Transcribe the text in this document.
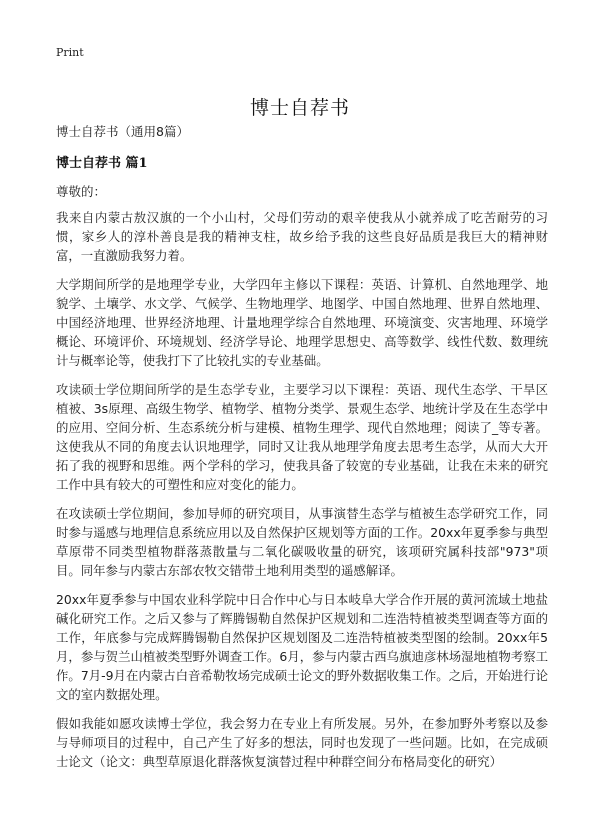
Print
博士自荐书
博士自荐书（通用8篇）
博士自荐书 篇1
尊敬的：

我来自内蒙古敖汉旗的一个小山村，父母们劳动的艰辛使我从小就养成了吃苦耐劳的习惯，家乡人的淳朴善良是我的精神支柱，故乡给予我的这些良好品质是我巨大的精神财富，一直激励我努力着。

大学期间所学的是地理学专业，大学四年主修以下课程：英语、计算机、自然地理学、地貌学、土壤学、水文学、气候学、生物地理学、地图学、中国自然地理、世界自然地理、中国经济地理、世界经济地理、计量地理学综合自然地理、环境演变、灾害地理、环境学概论、环境评价、环境规划、经济学导论、地理学思想史、高等数学、线性代数、数理统计与概率论等，使我打下了比较扎实的专业基础。

攻读硕士学位期间所学的是生态学专业，主要学习以下课程：英语、现代生态学、干旱区植被、3s原理、高级生物学、植物学、植物分类学、景观生态学、地统计学及在生态学中的应用、空间分析、生态系统分析与建模、植物生理学、现代自然地理；阅读了_等专著。这使我从不同的角度去认识地理学，同时又让我从地理学角度去思考生态学，从而大大开拓了我的视野和思维。两个学科的学习，使我具备了较宽的专业基础，让我在未来的研究工作中具有较大的可塑性和应对变化的能力。

在攻读硕士学位期间，参加导师的研究项目，从事演替生态学与植被生态学研究工作，同时参与遥感与地理信息系统应用以及自然保护区规划等方面的工作。20xx年夏季参与典型草原带不同类型植物群落蒸散量与二氧化碳吸收量的研究，该项研究属科技部"973"项目。同年参与内蒙古东部农牧交错带土地利用类型的遥感解译。

20xx年夏季参与中国农业科学院中日合作中心与日本岐阜大学合作开展的黄河流域土地盐碱化研究工作。之后又参与了辉腾锡勒自然保护区规划和二连浩特植被类型调查等方面的工作，年底参与完成辉腾锡勒自然保护区规划图及二连浩特植被类型图的绘制。20xx年5月，参与贺兰山植被类型野外调查工作。6月，参与内蒙古西乌旗迪彦林场湿地植物考察工作。7月-9月在内蒙古白音希勒牧场完成硕士论文的野外数据收集工作。之后，开始进行论文的室内数据处理。

假如我能如愿攻读博士学位，我会努力在专业上有所发展。另外，在参加野外考察以及参与导师项目的过程中，自己产生了好多的想法，同时也发现了一些问题。比如，在完成硕士论文（论文：典型草原退化群落恢复演替过程中种群空间分布格局变化的研究）
